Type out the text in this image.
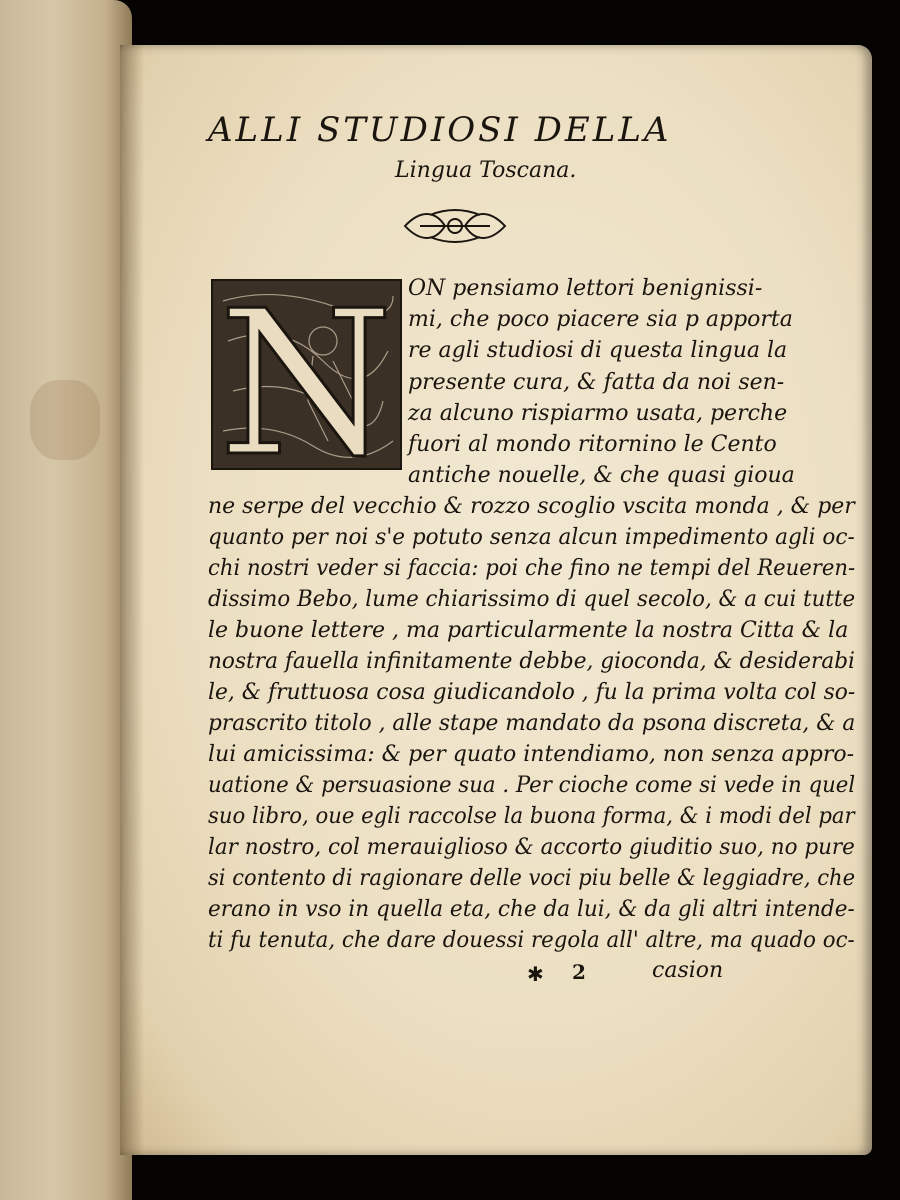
ALLI STUDIOSI DELLA
Lingua Toscana.
N ON pensiamo lettori benignissi-
mi, che poco piacere sia p apporta
re agli studiosi di questa lingua la
presente cura, & fatta da noi sen-
za alcuno rispiarmo usata, perche
fuori al mondo ritornino le Cento
antiche nouelle, & che quasi gioua
ne serpe del vecchio & rozzo scoglio vscita monda , & per
quanto per noi s'e potuto senza alcun impedimento agli oc-
chi nostri veder si faccia: poi che fino ne tempi del Reueren-
dissimo Bebo, lume chiarissimo di quel secolo, & a cui tutte
le buone lettere , ma particularmente la nostra Citta & la
nostra fauella infinitamente debbe, gioconda, & desiderabi
le, & fruttuosa cosa giudicandolo , fu la prima volta col so-
prascrito titolo , alle stape mandato da psona discreta, & a
lui amicissima: & per quato intendiamo, non senza appro-
uatione & persuasione sua . Per cioche come si vede in quel
suo libro, oue egli raccolse la buona forma, & i modi del par
lar nostro, col merauiglioso & accorto giuditio suo, no pure
si contento di ragionare delle voci piu belle & leggiadre, che
erano in vso in quella eta, che da lui, & da gli altri intende-
ti fu tenuta, che dare douessi regola all' altre, ma quado oc-
✱ 2	casion
